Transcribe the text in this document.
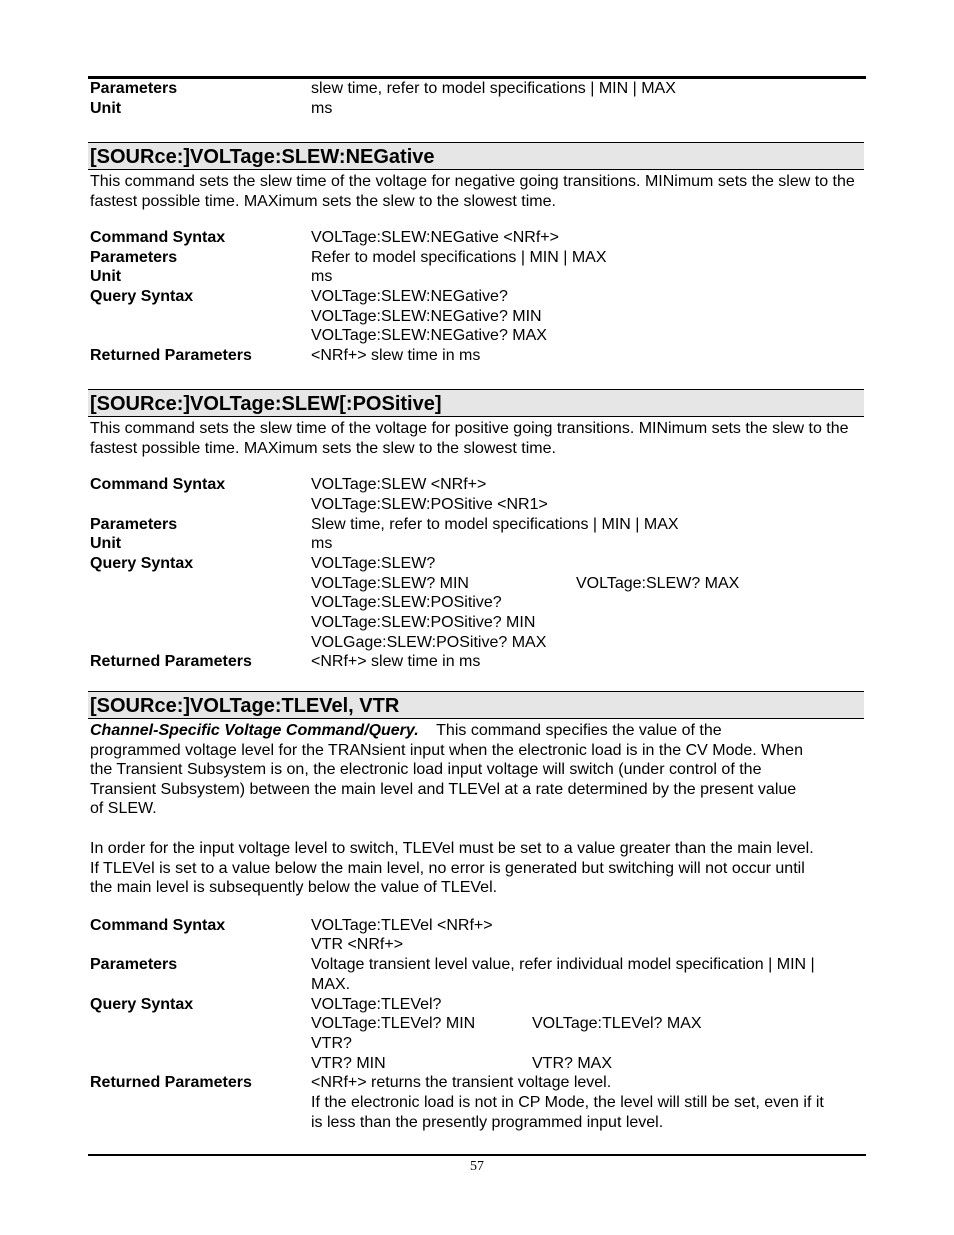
Parameters	slew time, refer to model specifications | MIN | MAX
Unit	ms
[SOURce:]VOLTage:SLEW:NEGative
This command sets the slew time of the voltage for negative going transitions. MINimum sets the slew to the fastest possible time. MAXimum sets the slew to the slowest time.
Command Syntax	VOLTage:SLEW:NEGative <NRf+>
Parameters	Refer to model specifications | MIN | MAX
Unit	ms
Query Syntax	VOLTage:SLEW:NEGative?
VOLTage:SLEW:NEGative? MIN
VOLTage:SLEW:NEGative? MAX
Returned Parameters	<NRf+> slew time in ms
[SOURce:]VOLTage:SLEW[:POSitive]
This command sets the slew time of the voltage for positive going transitions. MINimum sets the slew to the fastest possible time. MAXimum sets the slew to the slowest time.
Command Syntax	VOLTage:SLEW <NRf+>
VOLTage:SLEW:POSitive <NR1>
Parameters	Slew time, refer to model specifications | MIN | MAX
Unit	ms
Query Syntax	VOLTage:SLEW?
VOLTage:SLEW? MIN	VOLTage:SLEW? MAX
VOLTage:SLEW:POSitive?
VOLTage:SLEW:POSitive? MIN
VOLGage:SLEW:POSitive? MAX
Returned Parameters	<NRf+> slew time in ms
[SOURce:]VOLTage:TLEVel, VTR
Channel-Specific Voltage Command/Query. This command specifies the value of the
programmed voltage level for the TRANsient input when the electronic load is in the CV Mode. When
the Transient Subsystem is on, the electronic load input voltage will switch (under control of the
Transient Subsystem) between the main level and TLEVel at a rate determined by the present value
of SLEW.
In order for the input voltage level to switch, TLEVel must be set to a value greater than the main level.
If TLEVel is set to a value below the main level, no error is generated but switching will not occur until
the main level is subsequently below the value of TLEVel.
Command Syntax	VOLTage:TLEVel <NRf+>
VTR <NRf+>
Parameters	Voltage transient level value, refer individual model specification | MIN |
MAX.
Query Syntax	VOLTage:TLEVel?
VOLTage:TLEVel? MIN	VOLTage:TLEVel? MAX
VTR?
VTR? MIN	VTR? MAX
Returned Parameters	<NRf+> returns the transient voltage level.
If the electronic load is not in CP Mode, the level will still be set, even if it
is less than the presently programmed input level.
57
